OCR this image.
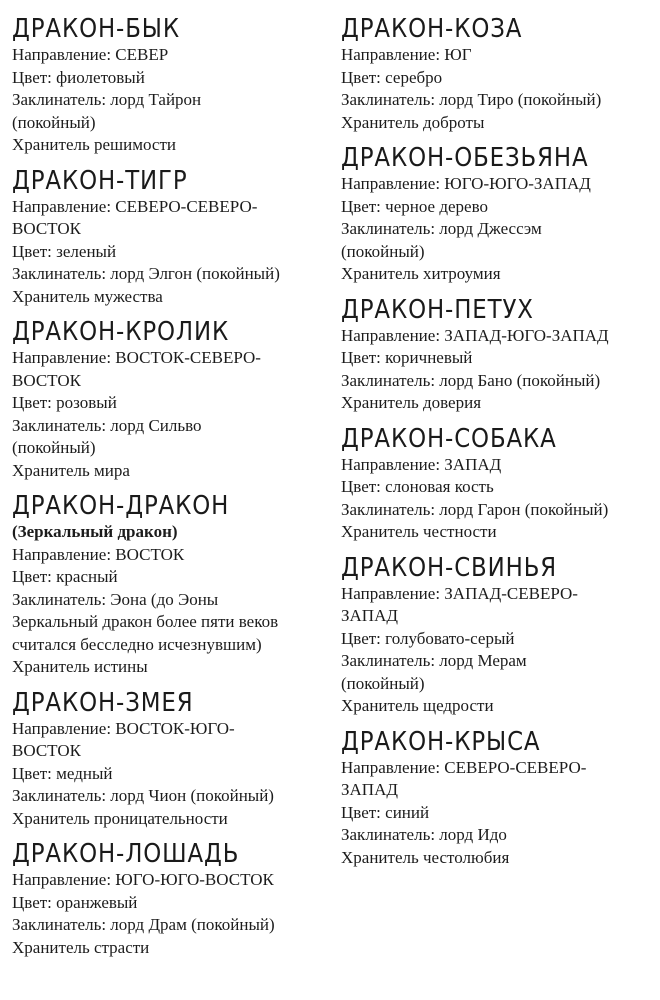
ДРАКОН-БЫК
Направление: СЕВЕР
Цвет: фиолетовый
Заклинатель: лорд Тайрон
(покойный)
Хранитель решимости
ДРАКОН-ТИГР
Направление: СЕВЕРО-СЕВЕРО-
ВОСТОК
Цвет: зеленый
Заклинатель: лорд Элгон (покойный)
Хранитель мужества
ДРАКОН-КРОЛИК
Направление: ВОСТОК-СЕВЕРО-
ВОСТОК
Цвет: розовый
Заклинатель: лорд Сильво
(покойный)
Хранитель мира
ДРАКОН-ДРАКОН
(Зеркальный дракон)
Направление: ВОСТОК
Цвет: красный
Заклинатель: Эона (до Эоны
Зеркальный дракон более пяти веков
считался бесследно исчезнувшим)
Хранитель истины
ДРАКОН-ЗМЕЯ
Направление: ВОСТОК-ЮГО-
ВОСТОК
Цвет: медный
Заклинатель: лорд Чион (покойный)
Хранитель проницательности
ДРАКОН-ЛОШАДЬ
Направление: ЮГО-ЮГО-ВОСТОК
Цвет: оранжевый
Заклинатель: лорд Драм (покойный)
Хранитель страсти
ДРАКОН-КОЗА
Направление: ЮГ
Цвет: серебро
Заклинатель: лорд Тиро (покойный)
Хранитель доброты
ДРАКОН-ОБЕЗЬЯНА
Направление: ЮГО-ЮГО-ЗАПАД
Цвет: черное дерево
Заклинатель: лорд Джессэм
(покойный)
Хранитель хитроумия
ДРАКОН-ПЕТУХ
Направление: ЗАПАД-ЮГО-ЗАПАД
Цвет: коричневый
Заклинатель: лорд Бано (покойный)
Хранитель доверия
ДРАКОН-СОБАКА
Направление: ЗАПАД
Цвет: слоновая кость
Заклинатель: лорд Гарон (покойный)
Хранитель честности
ДРАКОН-СВИНЬЯ
Направление: ЗАПАД-СЕВЕРО-
ЗАПАД
Цвет: голубовато-серый
Заклинатель: лорд Мерам
(покойный)
Хранитель щедрости
ДРАКОН-КРЫСА
Направление: СЕВЕРО-СЕВЕРО-
ЗАПАД
Цвет: синий
Заклинатель: лорд Идо
Хранитель честолюбия
